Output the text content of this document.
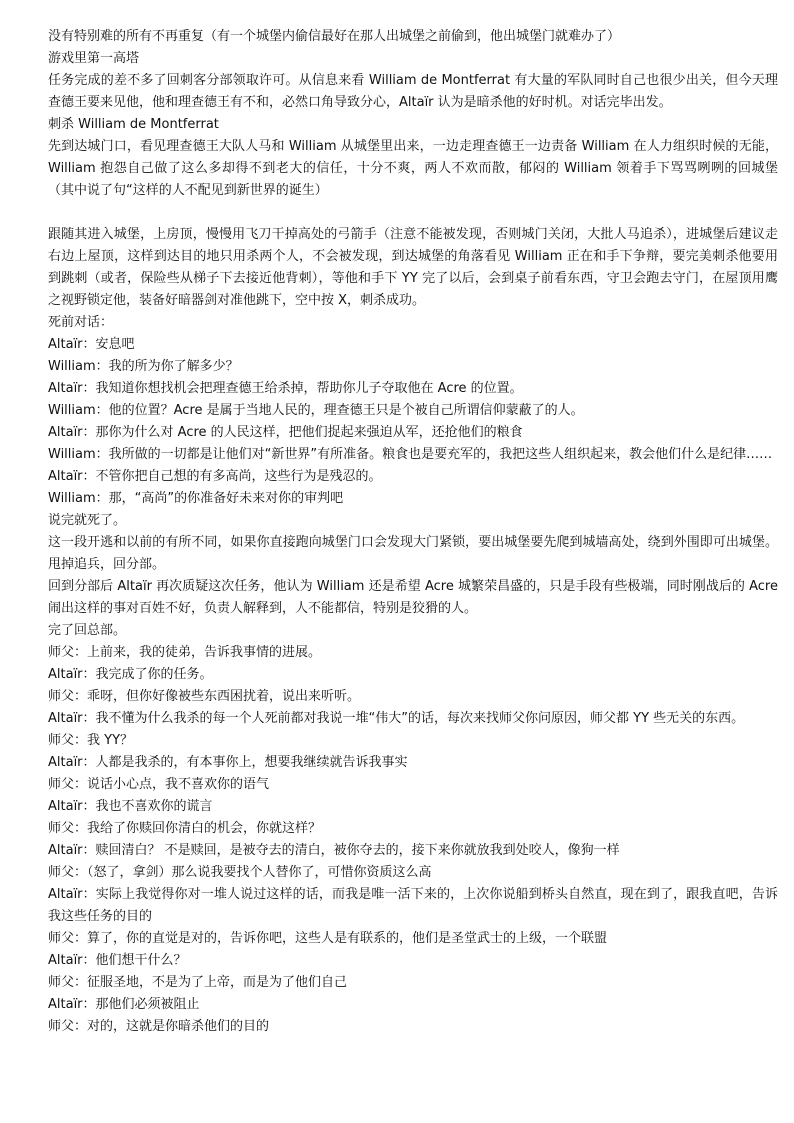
没有特别难的所有不再重复（有一个城堡内偷信最好在那人出城堡之前偷到，他出城堡门就难办了）

游戏里第一高塔

任务完成的差不多了回刺客分部领取许可。从信息来看 William de Montferrat 有大量的军队同时自己也很少出关，但今天理查德王要来见他，他和理查德王有不和，必然口角导致分心，Altaïr 认为是暗杀他的好时机。对话完毕出发。

刺杀 William de Montferrat

先到达城门口，看见理查德王大队人马和 William 从城堡里出来，一边走理查德王一边责备 William 在人力组织时候的无能，William 抱怨自己做了这么多却得不到老大的信任，十分不爽，两人不欢而散，郁闷的 William 领着手下骂骂咧咧的回城堡（其中说了句“这样的人不配见到新世界的诞生）

跟随其进入城堡，上房顶，慢慢用飞刀干掉高处的弓箭手（注意不能被发现，否则城门关闭，大批人马追杀），进城堡后建议走右边上屋顶，这样到达目的地只用杀两个人，不会被发现，到达城堡的角落看见 William 正在和手下争辩，要完美刺杀他要用到跳刺（或者，保险些从梯子下去接近他背刺），等他和手下 YY 完了以后，会到桌子前看东西，守卫会跑去守门，在屋顶用鹰之视野锁定他，装备好暗器剑对准他跳下，空中按 X，刺杀成功。

死前对话：

Altaïr：安息吧

William：我的所为你了解多少？

Altaïr：我知道你想找机会把理查德王给杀掉，帮助你儿子夺取他在 Acre 的位置。

William：他的位置？Acre 是属于当地人民的，理查德王只是个被自己所谓信仰蒙蔽了的人。

Altaïr：那你为什么对 Acre 的人民这样，把他们捉起来强迫从军，还抢他们的粮食

William：我所做的一切都是让他们对“新世界”有所准备。粮食也是要充军的，我把这些人组织起来，教会他们什么是纪律……

Altaïr：不管你把自己想的有多高尚，这些行为是残忍的。

William：那，“高尚”的你准备好未来对你的审判吧

说完就死了。

这一段开逃和以前的有所不同，如果你直接跑向城堡门口会发现大门紧锁，要出城堡要先爬到城墙高处，绕到外围即可出城堡。甩掉追兵，回分部。

回到分部后 Altaïr 再次质疑这次任务，他认为 William 还是希望 Acre 城繁荣昌盛的，只是手段有些极端，同时刚战后的 Acre 闹出这样的事对百姓不好，负责人解释到，人不能都信，特别是狡猾的人。

完了回总部。

师父：上前来，我的徒弟，告诉我事情的进展。

Altaïr：我完成了你的任务。

师父：乖呀，但你好像被些东西困扰着，说出来听听。

Altaïr：我不懂为什么我杀的每一个人死前都对我说一堆“伟大”的话，每次来找师父你问原因，师父都 YY 些无关的东西。

师父：我 YY？

Altaïr：人都是我杀的，有本事你上，想要我继续就告诉我事实

师父：说话小心点，我不喜欢你的语气

Altaïr：我也不喜欢你的谎言

师父：我给了你赎回你清白的机会，你就这样？

Altaïr：赎回清白？ 不是赎回，是被夺去的清白，被你夺去的，接下来你就放我到处咬人，像狗一样

师父：（怒了，拿剑）那么说我要找个人替你了，可惜你资质这么高

Altaïr：实际上我觉得你对一堆人说过这样的话，而我是唯一活下来的，上次你说船到桥头自然直，现在到了，跟我直吧，告诉我这些任务的目的

师父：算了，你的直觉是对的，告诉你吧，这些人是有联系的，他们是圣堂武士的上级，一个联盟

Altaïr：他们想干什么？

师父：征服圣地，不是为了上帝，而是为了他们自己

Altaïr：那他们必须被阻止

师父：对的，这就是你暗杀他们的目的
